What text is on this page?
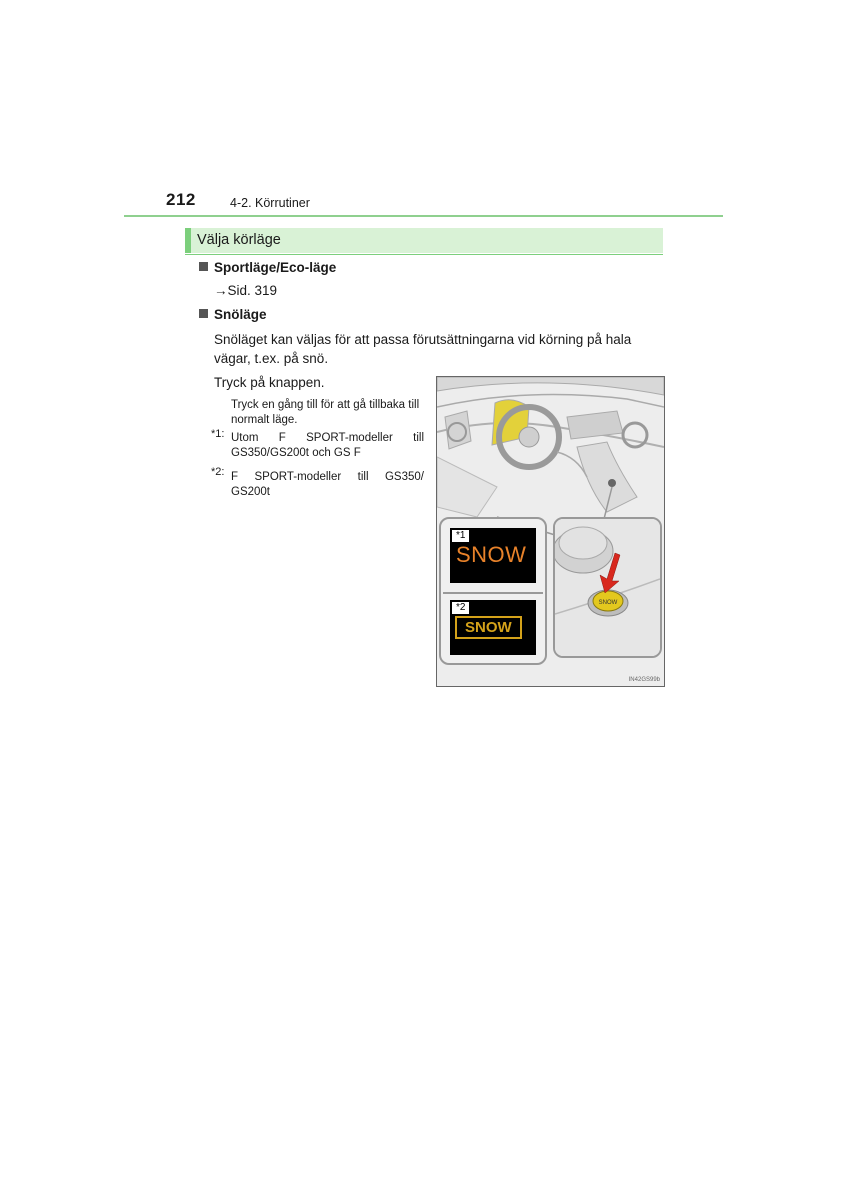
212	4-2. Körrutiner
Välja körläge
Sportläge/Eco-läge
→Sid. 319
Snöläge
Snöläget kan väljas för att passa förutsättningarna vid körning på hala vägar, t.ex. på snö.
Tryck på knappen.
Tryck en gång till för att gå tillbaka till normalt läge.
*1: Utom F SPORT-modeller till GS350/GS200t och GS F
*2: F SPORT-modeller till GS350/ GS200t
*1
SNOW
*2
SNOW
SNOW
IN42GS99b
